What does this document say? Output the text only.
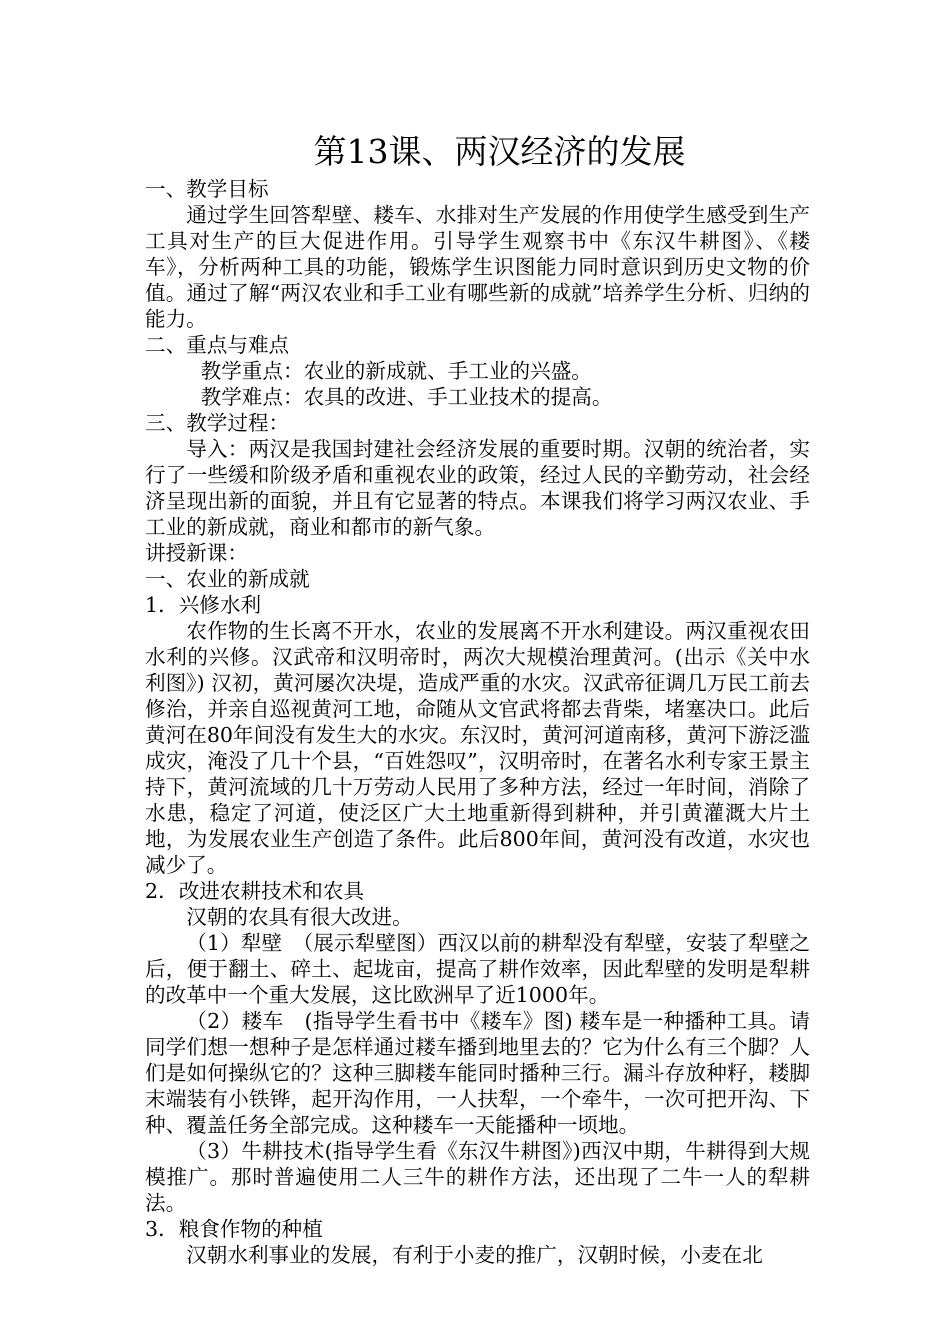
第13课、两汉经济的发展

一、教学目标

通过学生回答犁壁、耧车、水排对生产发展的作用使学生感受到生产工具对生产的巨大促进作用。引导学生观察书中《东汉牛耕图》、《耧车》，分析两种工具的功能，锻炼学生识图能力同时意识到历史文物的价值。通过了解“两汉农业和手工业有哪些新的成就”培养学生分析、归纳的能力。

二、重点与难点

教学重点：农业的新成就、手工业的兴盛。

教学难点：农具的改进、手工业技术的提高。

三、教学过程：

导入：两汉是我国封建社会经济发展的重要时期。汉朝的统治者，实行了一些缓和阶级矛盾和重视农业的政策，经过人民的辛勤劳动，社会经济呈现出新的面貌，并且有它显著的特点。本课我们将学习两汉农业、手工业的新成就，商业和都市的新气象。

讲授新课：

一、农业的新成就

1．兴修水利

农作物的生长离不开水，农业的发展离不开水利建设。两汉重视农田水利的兴修。汉武帝和汉明帝时，两次大规模治理黄河。(出示《关中水利图》) 汉初，黄河屡次决堤，造成严重的水灾。汉武帝征调几万民工前去修治，并亲自巡视黄河工地，命随从文官武将都去背柴，堵塞决口。此后黄河在80年间没有发生大的水灾。东汉时，黄河河道南移，黄河下游泛滥成灾，淹没了几十个县，“百姓怨叹”，汉明帝时，在著名水利专家王景主持下，黄河流域的几十万劳动人民用了多种方法，经过一年时间，消除了水患，稳定了河道，使泛区广大土地重新得到耕种，并引黄灌溉大片土地，为发展农业生产创造了条件。此后800年间，黄河没有改道，水灾也减少了。

2．改进农耕技术和农具

汉朝的农具有很大改进。

（1）犁壁　（展示犁壁图）西汉以前的耕犁没有犁壁，安装了犁壁之后，便于翻土、碎土、起垅亩，提高了耕作效率，因此犁壁的发明是犁耕的改革中一个重大发展，这比欧洲早了近1000年。

（2）耧车　(指导学生看书中《耧车》图) 耧车是一种播种工具。请同学们想一想种子是怎样通过耧车播到地里去的？它为什么有三个脚？人们是如何操纵它的？这种三脚耧车能同时播种三行。漏斗存放种籽，耧脚末端装有小铁铧，起开沟作用，一人扶犁，一个牵牛，一次可把开沟、下种、覆盖任务全部完成。这种耧车一天能播种一顷地。

（3）牛耕技术(指导学生看《东汉牛耕图》)西汉中期，牛耕得到大规模推广。那时普遍使用二人三牛的耕作方法，还出现了二牛一人的犁耕法。

3．粮食作物的种植

汉朝水利事业的发展，有利于小麦的推广，汉朝时候，小麦在北
